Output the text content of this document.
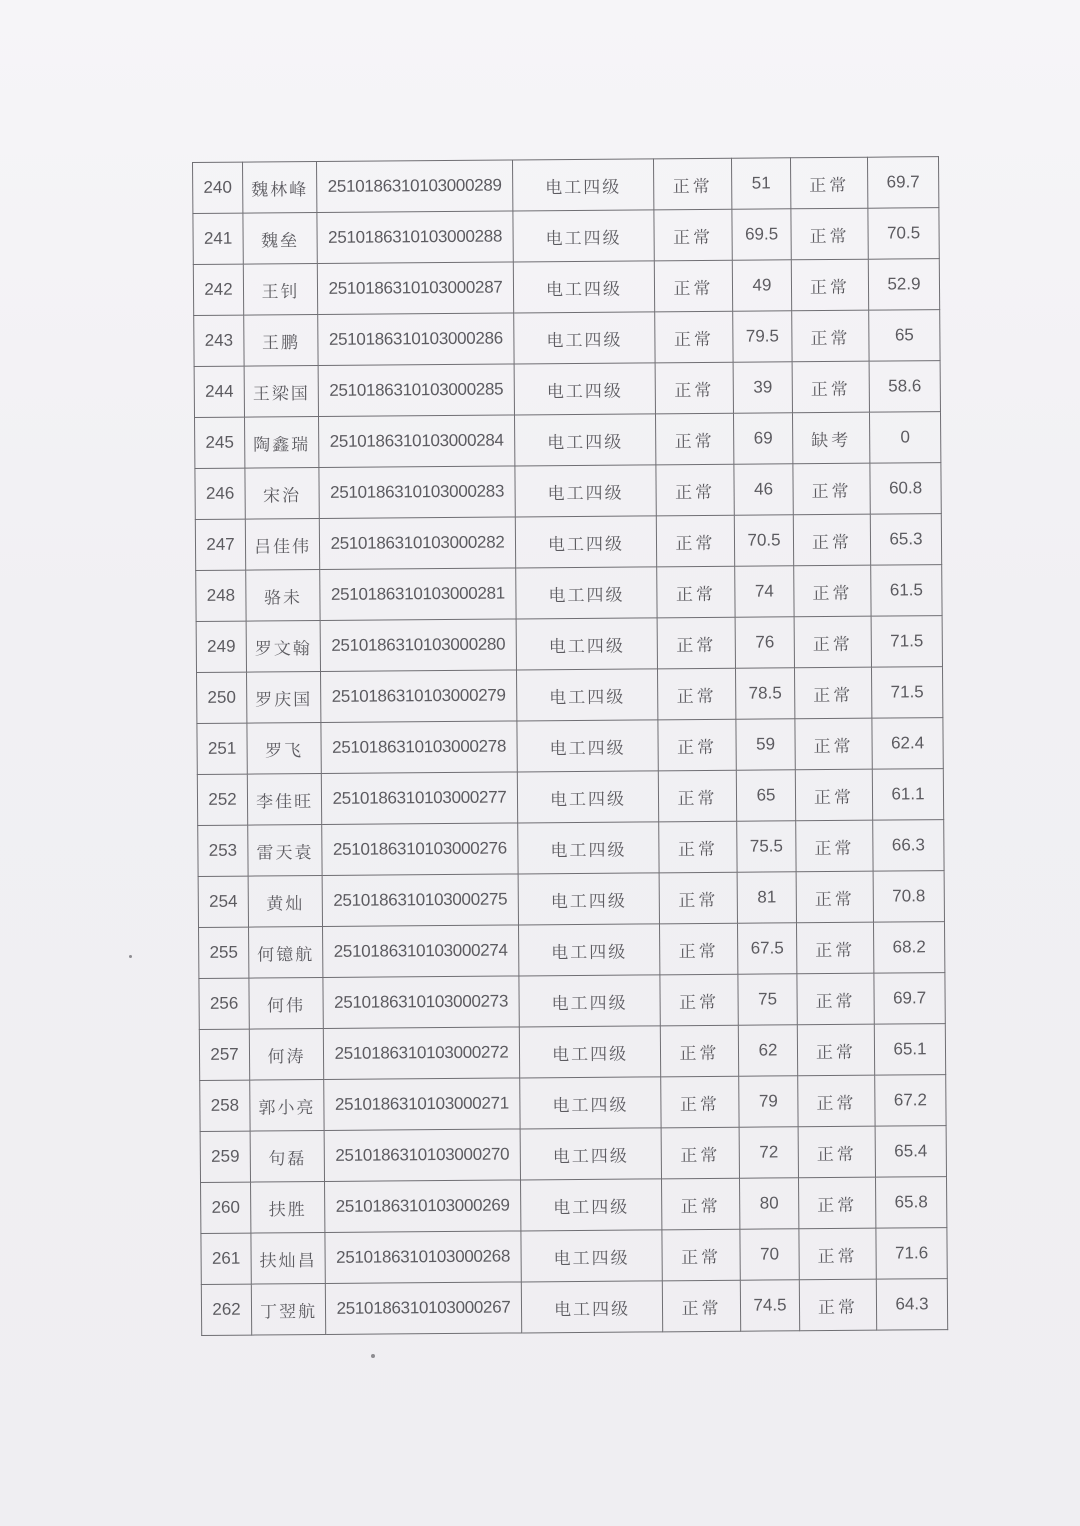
240	魏林峰	2510186310103000289	电工四级	正常	51	正常	69.7
241	魏垒	2510186310103000288	电工四级	正常	69.5	正常	70.5
242	王钊	2510186310103000287	电工四级	正常	49	正常	52.9
243	王鹏	2510186310103000286	电工四级	正常	79.5	正常	65
244	王梁国	2510186310103000285	电工四级	正常	39	正常	58.6
245	陶鑫瑞	2510186310103000284	电工四级	正常	69	缺考	0
246	宋治	2510186310103000283	电工四级	正常	46	正常	60.8
247	吕佳伟	2510186310103000282	电工四级	正常	70.5	正常	65.3
248	骆未	2510186310103000281	电工四级	正常	74	正常	61.5
249	罗文翰	2510186310103000280	电工四级	正常	76	正常	71.5
250	罗庆国	2510186310103000279	电工四级	正常	78.5	正常	71.5
251	罗飞	2510186310103000278	电工四级	正常	59	正常	62.4
252	李佳旺	2510186310103000277	电工四级	正常	65	正常	61.1
253	雷天袁	2510186310103000276	电工四级	正常	75.5	正常	66.3
254	黄灿	2510186310103000275	电工四级	正常	81	正常	70.8
255	何镱航	2510186310103000274	电工四级	正常	67.5	正常	68.2
256	何伟	2510186310103000273	电工四级	正常	75	正常	69.7
257	何涛	2510186310103000272	电工四级	正常	62	正常	65.1
258	郭小亮	2510186310103000271	电工四级	正常	79	正常	67.2
259	句磊	2510186310103000270	电工四级	正常	72	正常	65.4
260	扶胜	2510186310103000269	电工四级	正常	80	正常	65.8
261	扶灿昌	2510186310103000268	电工四级	正常	70	正常	71.6
262	丁翌航	2510186310103000267	电工四级	正常	74.5	正常	64.3
